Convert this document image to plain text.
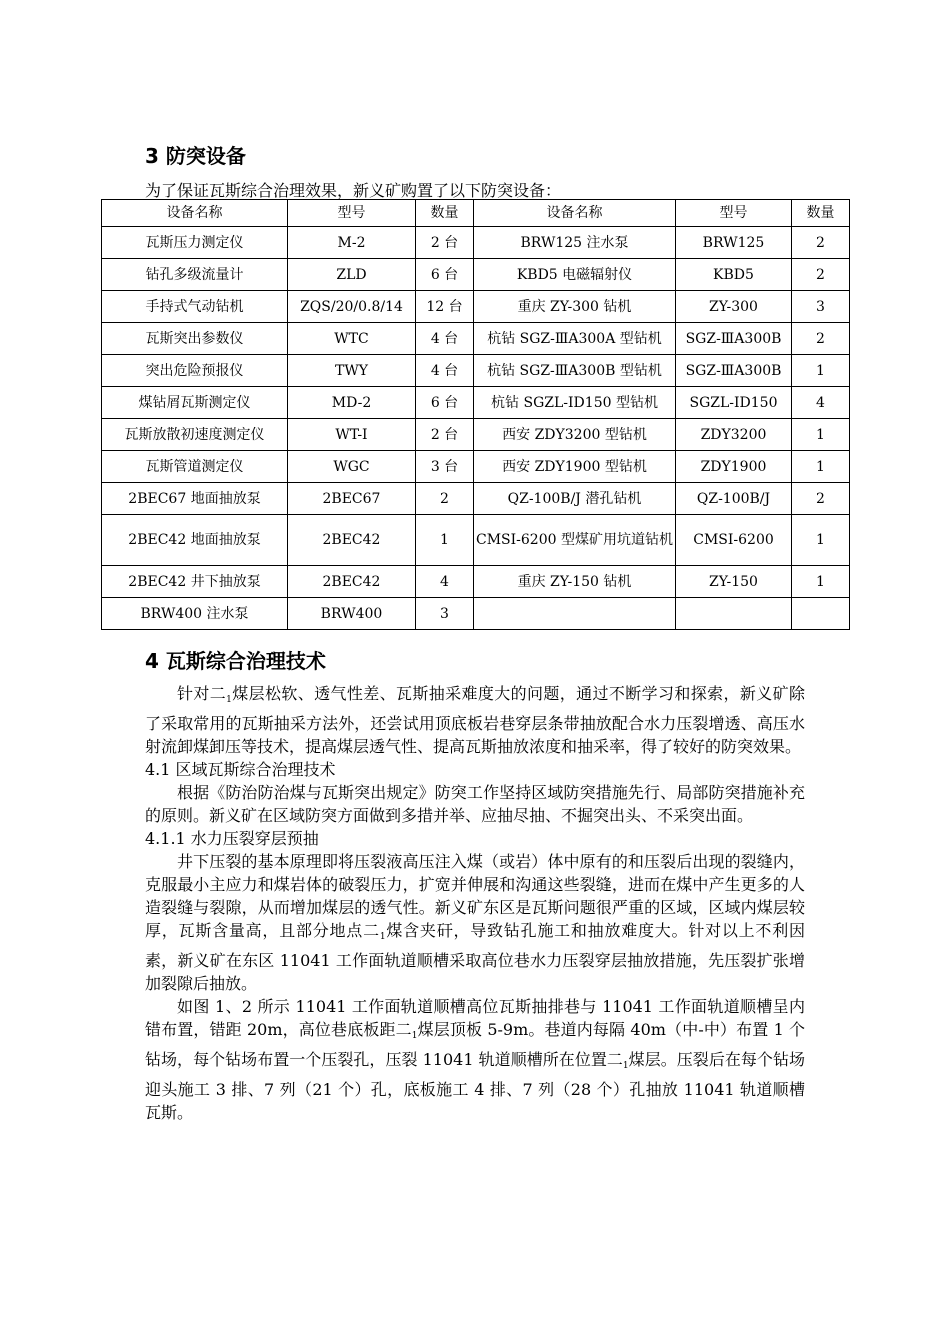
3 防突设备
为了保证瓦斯综合治理效果，新义矿购置了以下防突设备：
设备名称	型号	数量	设备名称	型号	数量
瓦斯压力测定仪	M-2	2 台	BRW125 注水泵	BRW125	2
钻孔多级流量计	ZLD	6 台	KBD5 电磁辐射仪	KBD5	2
手持式气动钻机	ZQS/20/0.8/14	12 台	重庆 ZY-300 钻机	ZY-300	3
瓦斯突出参数仪	WTC	4 台	杭钻 SGZ-ⅢA300A 型钻机	SGZ-ⅢA300B	2
突出危险预报仪	TWY	4 台	杭钻 SGZ-ⅢA300B 型钻机	SGZ-ⅢA300B	1
煤钻屑瓦斯测定仪	MD-2	6 台	杭钻 SGZL-ID150 型钻机	SGZL-ID150	4
瓦斯放散初速度测定仪	WT-I	2 台	西安 ZDY3200 型钻机	ZDY3200	1
瓦斯管道测定仪	WGC	3 台	西安 ZDY1900 型钻机	ZDY1900	1
2BEC67 地面抽放泵	2BEC67	2	QZ-100B/J 潜孔钻机	QZ-100B/J	2
2BEC42 地面抽放泵	2BEC42	1	CMSI-6200 型煤矿用坑道钻机	CMSI-6200	1
2BEC42 井下抽放泵	2BEC42	4	重庆 ZY-150 钻机	ZY-150	1
BRW400 注水泵	BRW400	3			
4 瓦斯综合治理技术

针对二$_1$煤层松软、透气性差、瓦斯抽采难度大的问题，通过不断学习和探索，新义矿除了采取常用的瓦斯抽采方法外，还尝试用顶底板岩巷穿层条带抽放配合水力压裂增透、高压水射流卸煤卸压等技术，提高煤层透气性、提高瓦斯抽放浓度和抽采率，得了较好的防突效果。

4.1 区域瓦斯综合治理技术

根据《防治防治煤与瓦斯突出规定》防突工作坚持区域防突措施先行、局部防突措施补充的原则。新义矿在区域防突方面做到多措并举、应抽尽抽、不掘突出头、不采突出面。

4.1.1 水力压裂穿层预抽

井下压裂的基本原理即将压裂液高压注入煤（或岩）体中原有的和压裂后出现的裂缝内，克服最小主应力和煤岩体的破裂压力，扩宽并伸展和沟通这些裂缝，进而在煤中产生更多的人造裂缝与裂隙，从而增加煤层的透气性。新义矿东区是瓦斯问题很严重的区域，区域内煤层较厚，瓦斯含量高，且部分地点二$_1$煤含夹矸，导致钻孔施工和抽放难度大。针对以上不利因素，新义矿在东区 11041 工作面轨道顺槽采取高位巷水力压裂穿层抽放措施，先压裂扩张增加裂隙后抽放。

如图 1、2 所示 11041 工作面轨道顺槽高位瓦斯抽排巷与 11041 工作面轨道顺槽呈内错布置，错距 20m，高位巷底板距二$_1$煤层顶板 5-9m。巷道内每隔 40m（中-中）布置 1 个钻场，每个钻场布置一个压裂孔，压裂 11041 轨道顺槽所在位置二$_1$煤层。压裂后在每个钻场迎头施工 3 排、7 列（21 个）孔，底板施工 4 排、7 列（28 个）孔抽放 11041 轨道顺槽瓦斯。
